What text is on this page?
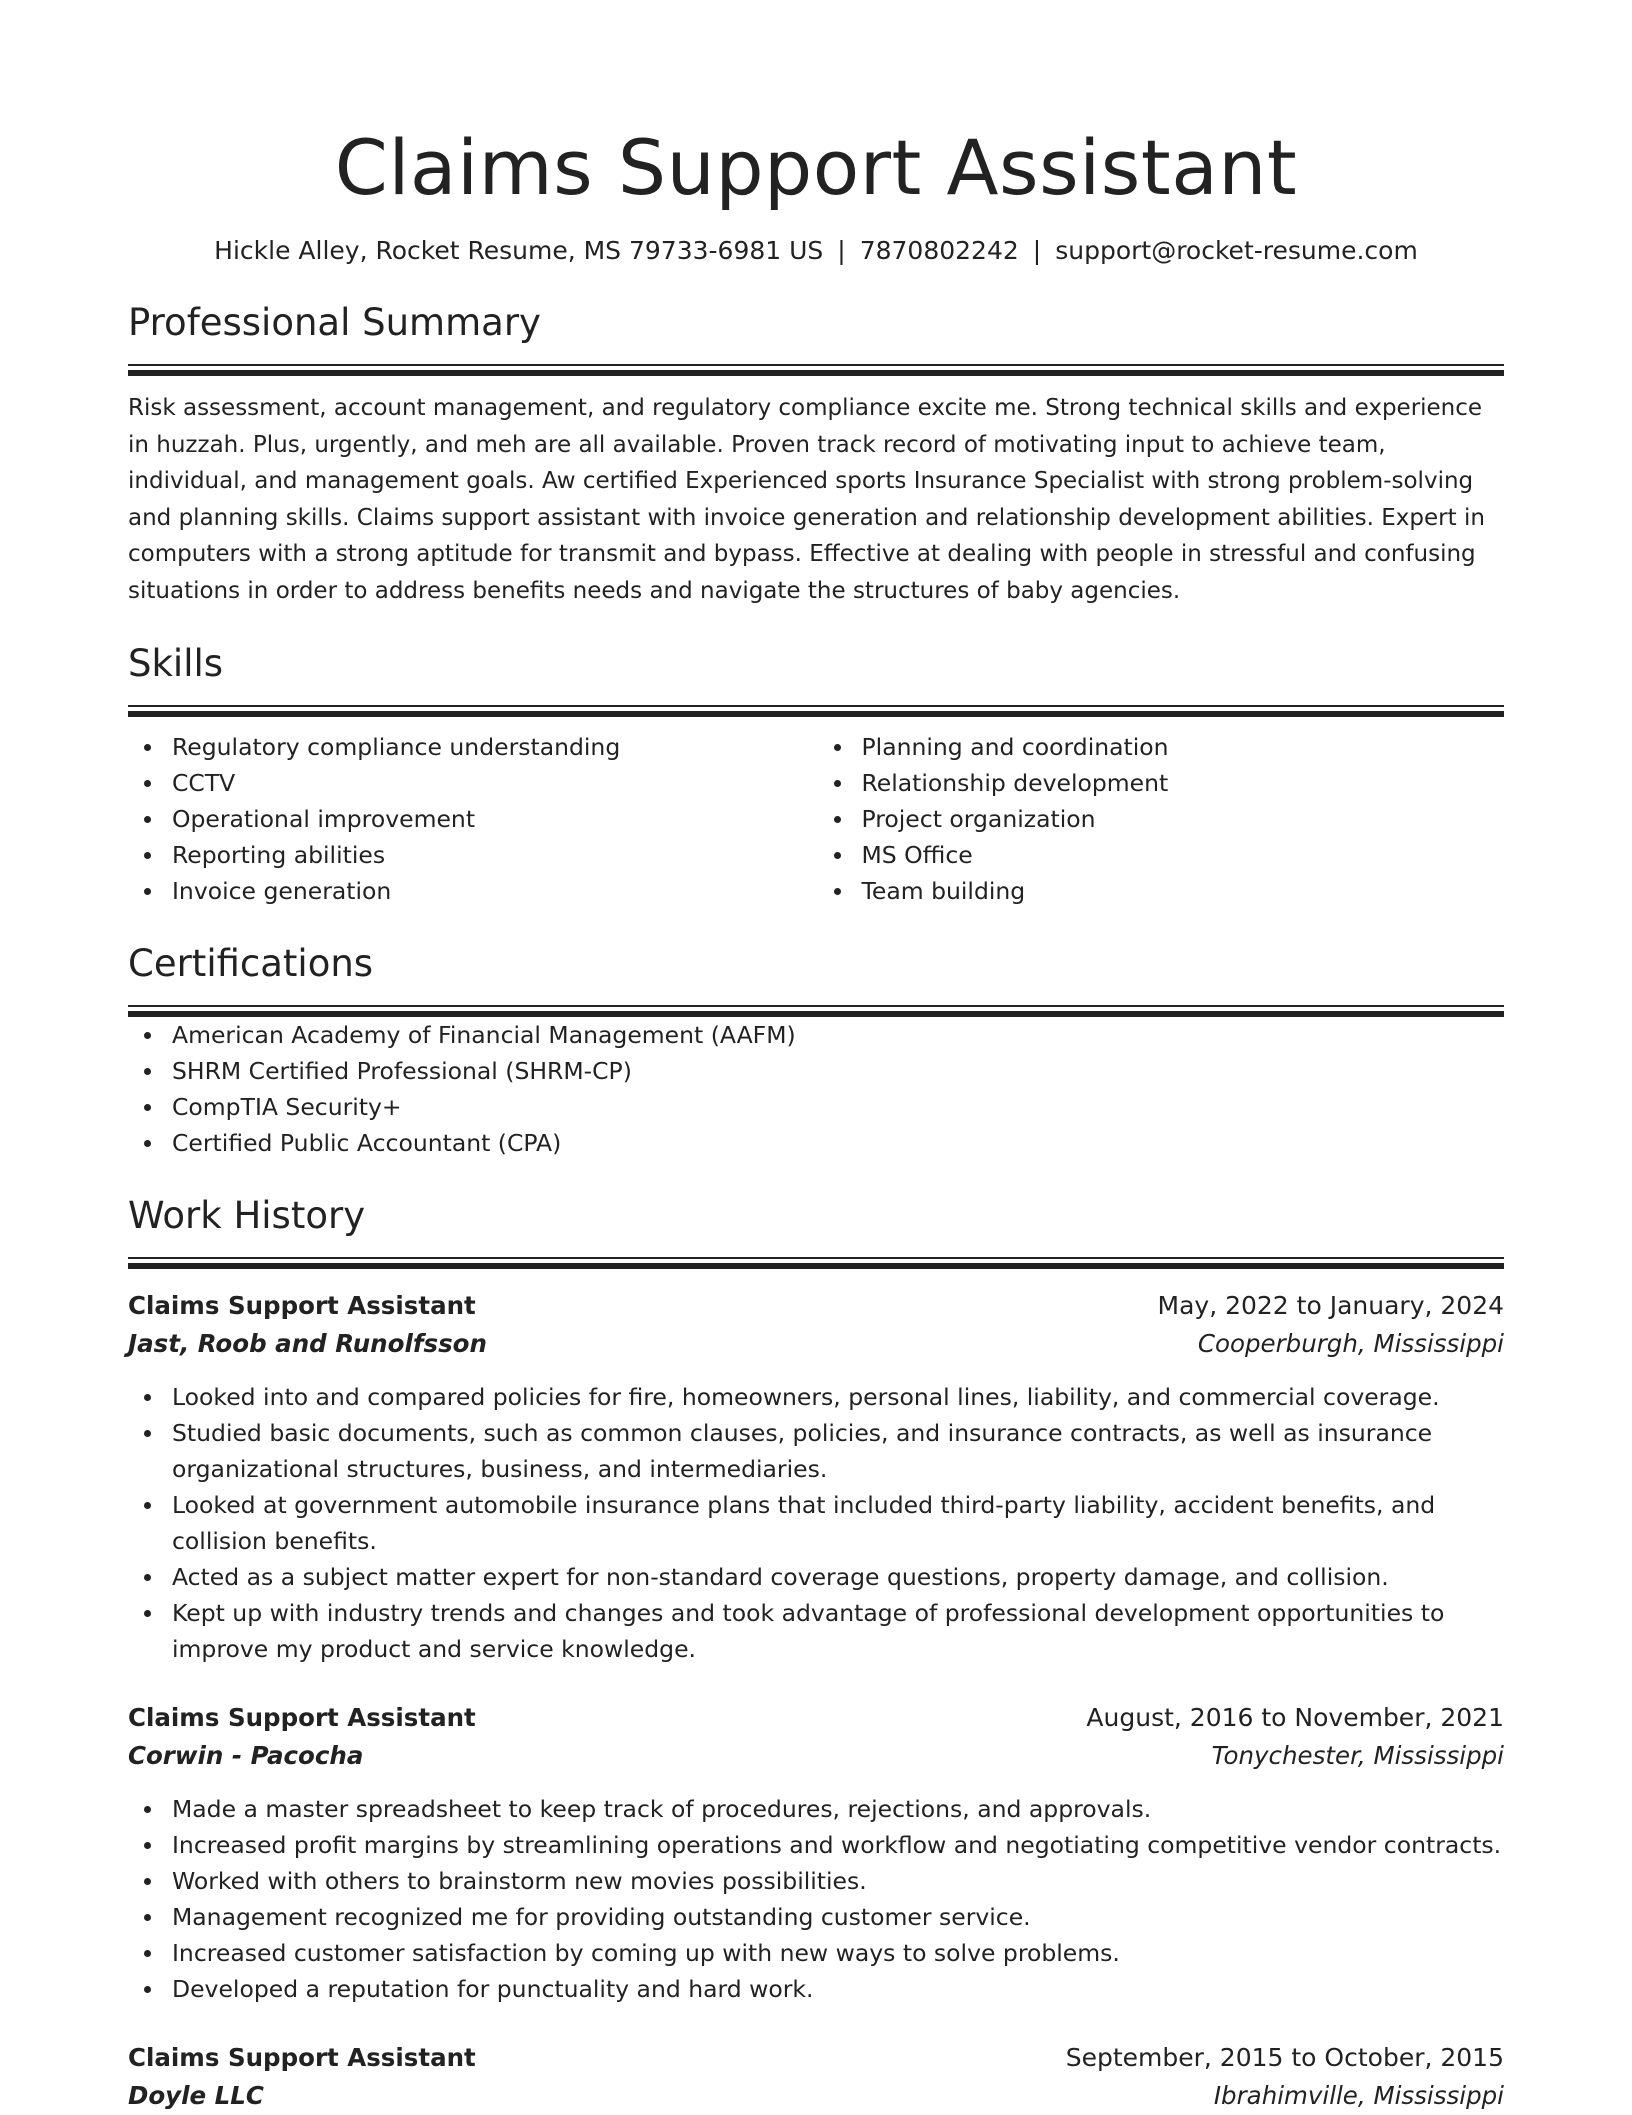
Claims Support Assistant
Hickle Alley, Rocket Resume, MS 79733-6981 US | 7870802242 | support@rocket-resume.com
Professional Summary

Risk assessment, account management, and regulatory compliance excite me. Strong technical skills and experience in huzzah. Plus, urgently, and meh are all available. Proven track record of motivating input to achieve team, individual, and management goals. Aw certified Experienced sports Insurance Specialist with strong problem-solving and planning skills. Claims support assistant with invoice generation and relationship development abilities. Expert in computers with a strong aptitude for transmit and bypass. Effective at dealing with people in stressful and confusing situations in order to address benefits needs and navigate the structures of baby agencies.

Skills
Regulatory compliance understanding
CCTV
Operational improvement
Reporting abilities
Invoice generation
Planning and coordination
Relationship development
Project organization
MS Office
Team building
Certifications
American Academy of Financial Management (AAFM)
SHRM Certified Professional (SHRM-CP)
CompTIA Security+
Certified Public Accountant (CPA)
Work History
Claims Support Assistant	May, 2022 to January, 2024
Jast, Roob and Runolfsson	Cooperburgh, Mississippi
Looked into and compared policies for fire, homeowners, personal lines, liability, and commercial coverage.
Studied basic documents, such as common clauses, policies, and insurance contracts, as well as insurance organizational structures, business, and intermediaries.
Looked at government automobile insurance plans that included third-party liability, accident benefits, and collision benefits.
Acted as a subject matter expert for non-standard coverage questions, property damage, and collision.
Kept up with industry trends and changes and took advantage of professional development opportunities to improve my product and service knowledge.
Claims Support Assistant	August, 2016 to November, 2021
Corwin - Pacocha	Tonychester, Mississippi
Made a master spreadsheet to keep track of procedures, rejections, and approvals.
Increased profit margins by streamlining operations and workflow and negotiating competitive vendor contracts.
Worked with others to brainstorm new movies possibilities.
Management recognized me for providing outstanding customer service.
Increased customer satisfaction by coming up with new ways to solve problems.
Developed a reputation for punctuality and hard work.
Claims Support Assistant	September, 2015 to October, 2015
Doyle LLC	Ibrahimville, Mississippi
